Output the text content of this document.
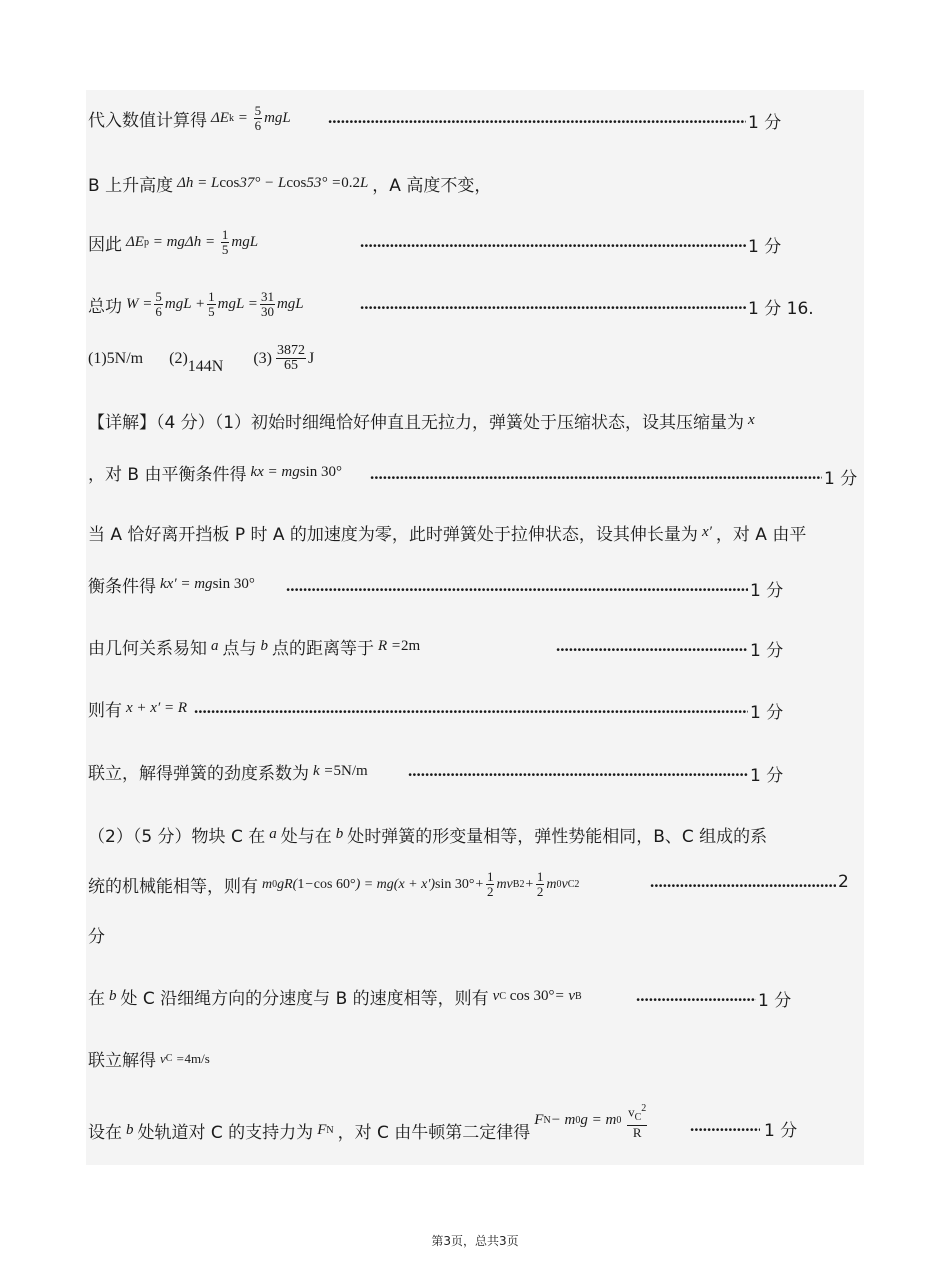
代入数值计算得 ΔE $k = \frac{5}{6}$ mgL .....	1 分
B 上升高度 Δh = L cos 37° − L cos 53° = 0.2 L ，A 高度不变，
因此 ΔE $p = mg\Delta h = \frac{1}{5}$ mgL .....	1 分
总功 $W = \frac{5}{6}$ mgL + $\frac{1}{5}$ mgL = $\frac{31}{30}$ mgL .....	1 分 16.
(1)5N/m (2) 144N $(3) \frac{3872}{65}$ J
【详解】（4 分）（1）初始时细绳恰好伸直且无拉力，弹簧处于压缩状态，设其压缩量为 x
，对 B 由平衡条件得 kx = mg sin
30° .....	1 分
当 A 恰好离开挡板 P 时 A 的加速度为零，此时弹簧处于拉伸状态，设其伸长量为 x′ ，对 A 由平
衡条件得 kx′ = mg sin
30° .....	1 分
由几何关系易知 a 点与 b 点的距离等于 R = 2m .....	1 分
则有 x + x′ = R .....	1 分
联立，解得弹簧的劲度系数为 k = 5N/m .....	1 分
（2）（5 分）物块 C 在 a 处与在 b 处时弹簧的形变量相等，弹性势能相同，B、C 组成的系
统的机械能相等，则有 m 0 gR( 1 − cos 60° ) = mg(x + x′) $\sin 30^\circ + \frac{1}{2}$ mv B $2 + \frac{1}{2}$ m 0 v C 2 .....	2
分
在 b 处 C 沿细绳方向的分速度与 B 的速度相等，则有 v C
cos 30° = v B .....	1 分
联立解得 v C = 4m/s
设在 b 处轨道对 C 的支持力为 F N ，对 C 由牛顿第二定律得
F N − m 0 g = m 0
$\frac{v_C^2}{R}$ .....	1 分
第3页，总共3页
